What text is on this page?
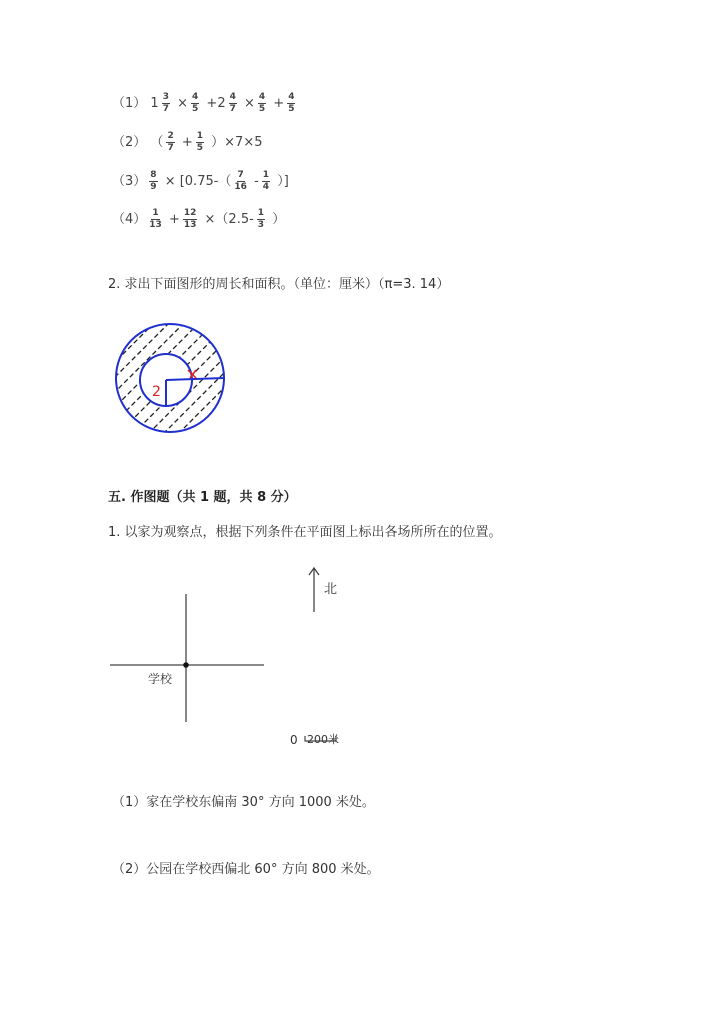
（1） $1 \frac{3}{7} \times \frac{4}{5} +2 \frac{4}{7} \times \frac{4}{5} + \frac{4}{5}$
（2） （ $\frac{2}{7} + \frac{1}{5} )\times 7\times 5$
$(3) \frac{8}{9} \times [0.75-( \frac{7}{16} - \frac{1}{4}$ ）]
$(4) \frac{1}{13} + \frac{12}{13} \times(2.5- \frac{1}{3}$ ）
2. 求出下面图形的周长和面积。（单位：厘米）（π=3. 14）
2
五. 作图题（共 1 题，共 8 分）
1. 以家为观察点，根据下列条件在平面图上标出各场所所在的位置。
北
学校
0 200米
（1）家在学校东偏南 30° 方向 1000 米处。
（2）公园在学校西偏北 60° 方向 800 米处。
